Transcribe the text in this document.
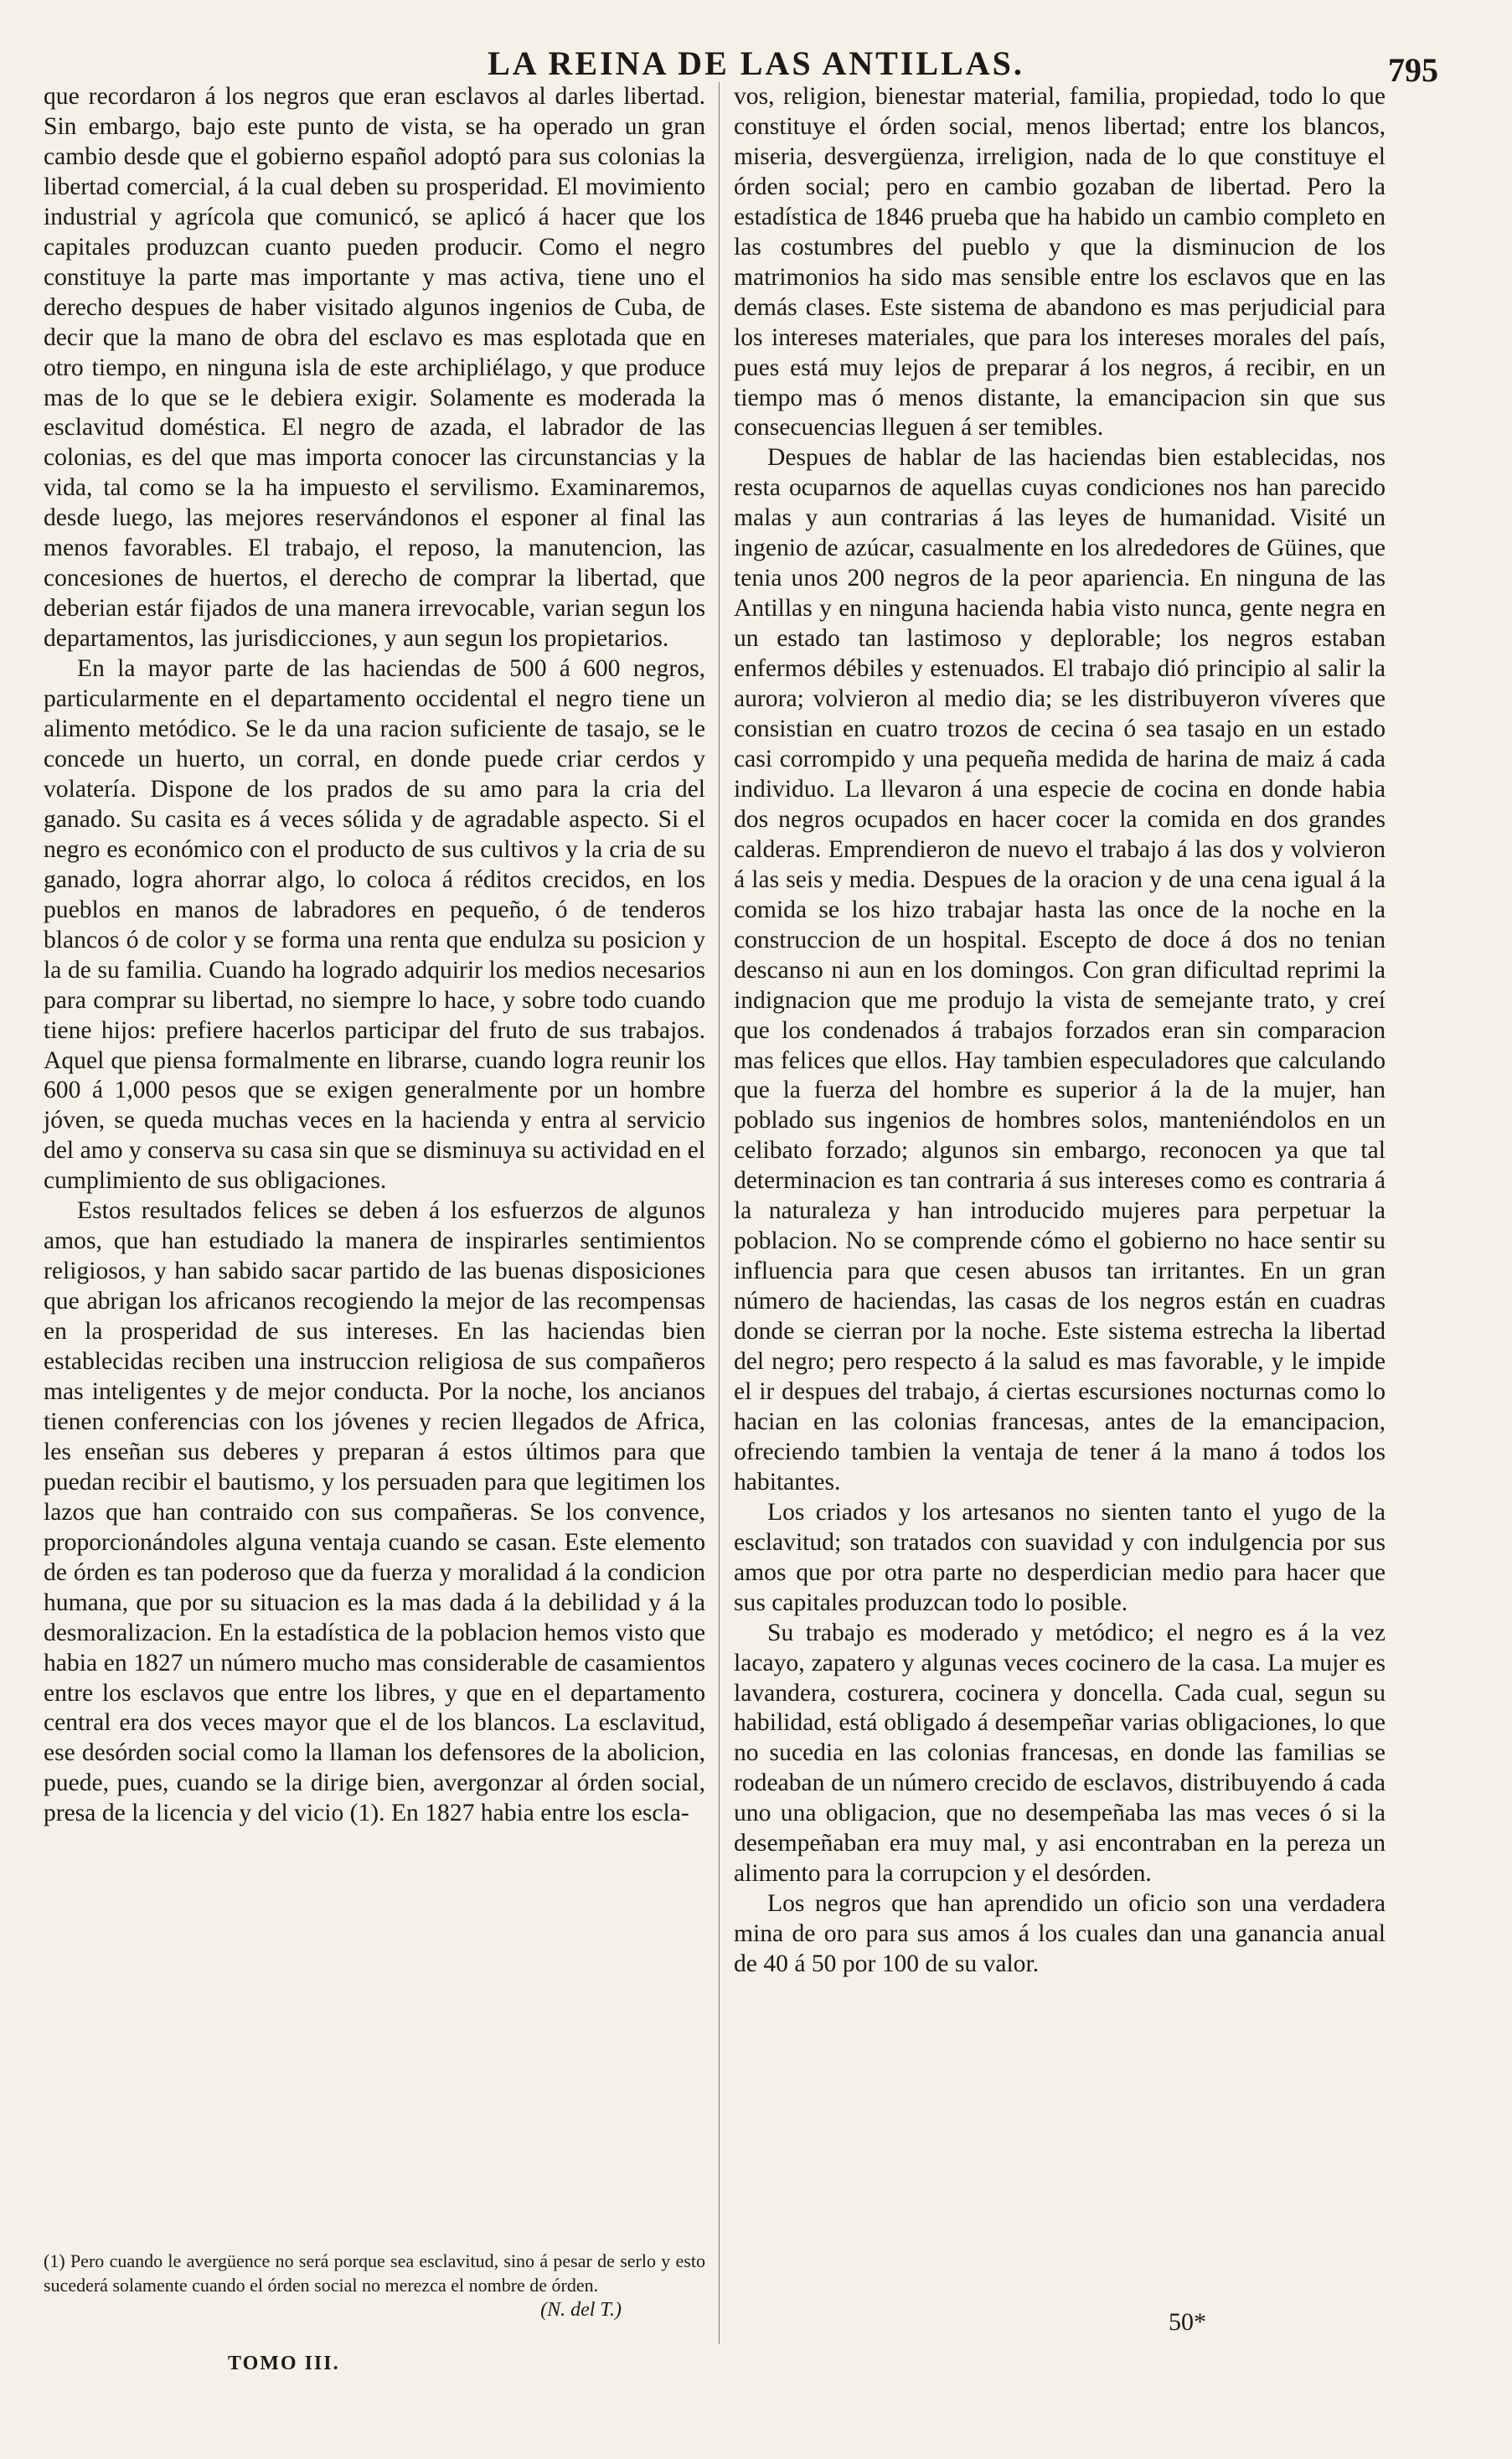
LA REINA DE LAS ANTILLAS.	795

que recordaron á los negros que eran esclavos al darles libertad. Sin embargo, bajo este punto de vista, se ha operado un gran cambio desde que el gobierno español adoptó para sus colonias la libertad comercial, á la cual deben su prosperidad. El movimiento industrial y agrícola que comunicó, se aplicó á hacer que los capitales produzcan cuanto pueden producir. Como el negro constituye la parte mas importante y mas activa, tiene uno el derecho despues de haber visitado algunos ingenios de Cuba, de decir que la mano de obra del esclavo es mas esplotada que en otro tiempo, en ninguna isla de este archipliélago, y que produce mas de lo que se le debiera exigir. Solamente es moderada la esclavitud doméstica. El negro de azada, el labrador de las colonias, es del que mas importa conocer las circunstancias y la vida, tal como se la ha impuesto el servilismo. Examinaremos, desde luego, las mejores reservándonos el esponer al final las menos favorables. El trabajo, el reposo, la manutencion, las concesiones de huertos, el derecho de comprar la libertad, que deberian estár fijados de una manera irrevocable, varian segun los departamentos, las jurisdicciones, y aun segun los propietarios.

En la mayor parte de las haciendas de 500 á 600 negros, particularmente en el departamento occidental el negro tiene un alimento metódico. Se le da una racion suficiente de tasajo, se le concede un huerto, un corral, en donde puede criar cerdos y volatería. Dispone de los prados de su amo para la cria del ganado. Su casita es á veces sólida y de agradable aspecto. Si el negro es económico con el producto de sus cultivos y la cria de su ganado, logra ahorrar algo, lo coloca á réditos crecidos, en los pueblos en manos de labradores en pequeño, ó de tenderos blancos ó de color y se forma una renta que endulza su posicion y la de su familia. Cuando ha logrado adquirir los medios necesarios para comprar su libertad, no siempre lo hace, y sobre todo cuando tiene hijos: prefiere hacerlos participar del fruto de sus trabajos. Aquel que piensa formalmente en librarse, cuando logra reunir los 600 á 1,000 pesos que se exigen generalmente por un hombre jóven, se queda muchas veces en la hacienda y entra al servicio del amo y conserva su casa sin que se disminuya su actividad en el cumplimiento de sus obligaciones.

Estos resultados felices se deben á los esfuerzos de algunos amos, que han estudiado la manera de inspirarles sentimientos religiosos, y han sabido sacar partido de las buenas disposiciones que abrigan los africanos recogiendo la mejor de las recompensas en la prosperidad de sus intereses. En las haciendas bien establecidas reciben una instruccion religiosa de sus compañeros mas inteligentes y de mejor conducta. Por la noche, los ancianos tienen conferencias con los jóvenes y recien llegados de Africa, les enseñan sus deberes y preparan á estos últimos para que puedan recibir el bautismo, y los persuaden para que legitimen los lazos que han contraido con sus compañeras. Se los convence, proporcionándoles alguna ventaja cuando se casan. Este elemento de órden es tan poderoso que da fuerza y moralidad á la condicion humana, que por su situacion es la mas dada á la debilidad y á la desmoralizacion. En la estadística de la poblacion hemos visto que habia en 1827 un número mucho mas considerable de casamientos entre los esclavos que entre los libres, y que en el departamento central era dos veces mayor que el de los blancos. La esclavitud, ese desórden social como la llaman los defensores de la abolicion, puede, pues, cuando se la dirige bien, avergonzar al órden social, presa de la licencia y del vicio (1). En 1827 habia entre los escla-

vos, religion, bienestar material, familia, propiedad, todo lo que constituye el órden social, menos libertad; entre los blancos, miseria, desvergüenza, irreligion, nada de lo que constituye el órden social; pero en cambio gozaban de libertad. Pero la estadística de 1846 prueba que ha habido un cambio completo en las costumbres del pueblo y que la disminucion de los matrimonios ha sido mas sensible entre los esclavos que en las demás clases. Este sistema de abandono es mas perjudicial para los intereses materiales, que para los intereses morales del país, pues está muy lejos de preparar á los negros, á recibir, en un tiempo mas ó menos distante, la emancipacion sin que sus consecuencias lleguen á ser temibles.

Despues de hablar de las haciendas bien establecidas, nos resta ocuparnos de aquellas cuyas condiciones nos han parecido malas y aun contrarias á las leyes de humanidad. Visité un ingenio de azúcar, casualmente en los alrededores de Güines, que tenia unos 200 negros de la peor apariencia. En ninguna de las Antillas y en ninguna hacienda habia visto nunca, gente negra en un estado tan lastimoso y deplorable; los negros estaban enfermos débiles y estenuados. El trabajo dió principio al salir la aurora; volvieron al medio dia; se les distribuyeron víveres que consistian en cuatro trozos de cecina ó sea tasajo en un estado casi corrompido y una pequeña medida de harina de maiz á cada individuo. La llevaron á una especie de cocina en donde habia dos negros ocupados en hacer cocer la comida en dos grandes calderas. Emprendieron de nuevo el trabajo á las dos y volvieron á las seis y media. Despues de la oracion y de una cena igual á la comida se los hizo trabajar hasta las once de la noche en la construccion de un hospital. Escepto de doce á dos no tenian descanso ni aun en los domingos. Con gran dificultad reprimi la indignacion que me produjo la vista de semejante trato, y creí que los condenados á trabajos forzados eran sin comparacion mas felices que ellos. Hay tambien especuladores que calculando que la fuerza del hombre es superior á la de la mujer, han poblado sus ingenios de hombres solos, manteniéndolos en un celibato forzado; algunos sin embargo, reconocen ya que tal determinacion es tan contraria á sus intereses como es contraria á la naturaleza y han introducido mujeres para perpetuar la poblacion. No se comprende cómo el gobierno no hace sentir su influencia para que cesen abusos tan irritantes. En un gran número de haciendas, las casas de los negros están en cuadras donde se cierran por la noche. Este sistema estrecha la libertad del negro; pero respecto á la salud es mas favorable, y le impide el ir despues del trabajo, á ciertas escursiones nocturnas como lo hacian en las colonias francesas, antes de la emancipacion, ofreciendo tambien la ventaja de tener á la mano á todos los habitantes.

Los criados y los artesanos no sienten tanto el yugo de la esclavitud; son tratados con suavidad y con indulgencia por sus amos que por otra parte no desperdician medio para hacer que sus capitales produzcan todo lo posible.

Su trabajo es moderado y metódico; el negro es á la vez lacayo, zapatero y algunas veces cocinero de la casa. La mujer es lavandera, costurera, cocinera y doncella. Cada cual, segun su habilidad, está obligado á desempeñar varias obligaciones, lo que no sucedia en las colonias francesas, en donde las familias se rodeaban de un número crecido de esclavos, distribuyendo á cada uno una obligacion, que no desempeñaba las mas veces ó si la desempeñaban era muy mal, y asi encontraban en la pereza un alimento para la corrupcion y el desórden.

Los negros que han aprendido un oficio son una verdadera mina de oro para sus amos á los cuales dan una ganancia anual de 40 á 50 por 100 de su valor.

(1) Pero cuando le avergüence no será porque sea esclavitud, sino á pesar de serlo y esto sucederá solamente cuando el órden social no merezca el nombre de órden.
(N. del T.)
TOMO III.
50*
